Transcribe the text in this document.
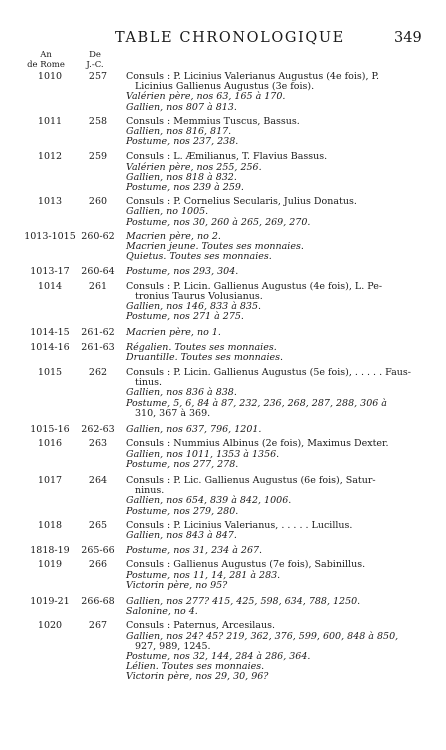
TABLE CHRONOLOGIQUE	349
An
de Rome
De
J.-C.
1010	257	Consuls : P. Licinius Valerianus Augustus (4e fois), P.
Licinius Gallienus Augustus (3e fois).
Valérien père, nos 63, 165 à 170.
Gallien, nos 807 à 813.
1011	258	Consuls : Memmius Tuscus, Bassus.
Gallien, nos 816, 817.
Postume, nos 237, 238.
1012	259	Consuls : L. Æmilianus, T. Flavius Bassus.
Valérien père, nos 255, 256.
Gallien, nos 818 à 832.
Postume, nos 239 à 259.
1013	260	Consuls : P. Cornelius Secularis, Julius Donatus.
Gallien, no 1005.
Postume, nos 30, 260 à 265, 269, 270.
1013-1015 260-62 Macrien père, no 2.
Macrien jeune. Toutes ses monnaies.
Quietus. Toutes ses monnaies.
1013-17	260-64 Postume, nos 293, 304.
1014	261	Consuls : P. Licin. Gallienus Augustus (4e fois), L. Pe-
tronius Taurus Volusianus.
Gallien, nos 146, 833 à 835.
Postume, nos 271 à 275.
1014-15	261-62 Macrien père, no 1.
1014-16	261-63 Régalien. Toutes ses monnaies.
Druantille. Toutes ses monnaies.
1015	262	Consuls : P. Licin. Gallienus Augustus (5e fois), . . . . . Faus-
tinus.
Gallien, nos 836 à 838.
Postume, 5, 6, 84 à 87, 232, 236, 268, 287, 288, 306 à
310, 367 à 369.
1015-16	262-63 Gallien, nos 637, 796, 1201.
1016	263	Consuls : Nummius Albinus (2e fois), Maximus Dexter.
Gallien, nos 1011, 1353 à 1356.
Postume, nos 277, 278.
1017	264	Consuls : P. Lic. Gallienus Augustus (6e fois), Satur-
ninus.
Gallien, nos 654, 839 à 842, 1006.
Postume, nos 279, 280.
1018	265	Consuls : P. Licinius Valerianus, . . . . . Lucillus.
Gallien, nos 843 à 847.
1818-19	265-66 Postume, nos 31, 234 à 267.
1019	266	Consuls : Gallienus Augustus (7e fois), Sabinillus.
Postume, nos 11, 14, 281 à 283.
Victorin père, no 95?
1019-21	266-68 Gallien, nos 277? 415, 425, 598, 634, 788, 1250.
Salonine, no 4.
1020	267	Consuls : Paternus, Arcesilaus.
Gallien, nos 24? 45? 219, 362, 376, 599, 600, 848 à 850,
927, 989, 1245.
Postume, nos 32, 144, 284 à 286, 364.
Lélien. Toutes ses monnaies.
Victorin père, nos 29, 30, 96?
